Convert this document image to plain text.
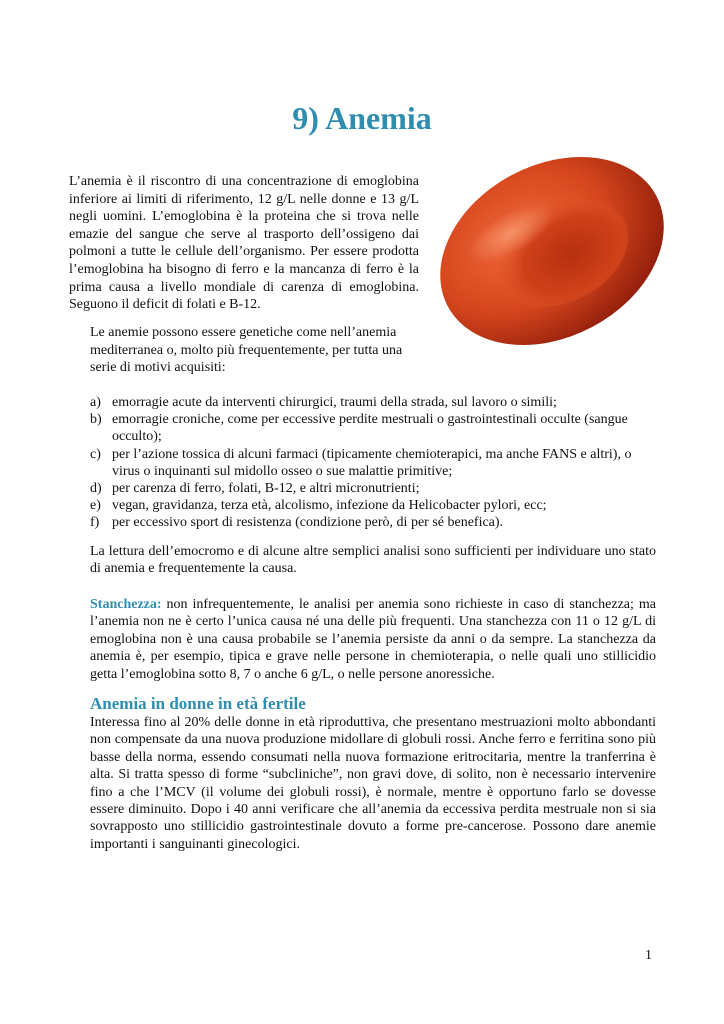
9) Anemia

L’anemia è il riscontro di una concentrazione di emoglobina inferiore ai limiti di riferimento, 12 g/L nelle donne e 13 g/L negli uomini. L’emoglobina è la proteina che si trova nelle emazie del sangue che serve al trasporto dell’ossigeno dai polmoni a tutte le cellule dell’organismo. Per essere prodotta l’emoglobina ha bisogno di ferro e la mancanza di ferro è la prima causa a livello mondiale di carenza di emoglobina. Seguono il deficit di folati e B-12.

Le anemie possono essere genetiche come nell’anemia mediterranea o, molto più frequentemente, per tutta una serie di motivi acquisiti:

a) emorragie acute da interventi chirurgici, traumi della strada, sul lavoro o simili;
b) emorragie croniche, come per eccessive perdite mestruali o gastrointestinali occulte (sangue occulto);
c) per l’azione tossica di alcuni farmaci (tipicamente chemioterapici, ma anche FANS e altri), o virus o inquinanti sul midollo osseo o sue malattie primitive;
d) per carenza di ferro, folati, B-12, e altri micronutrienti;
e) vegan, gravidanza, terza età, alcolismo, infezione da Helicobacter pylori, ecc;
f) per eccessivo sport di resistenza (condizione però, di per sé benefica).

La lettura dell’emocromo e di alcune altre semplici analisi sono sufficienti per individuare uno stato di anemia e frequentemente la causa.

Stanchezza: non infrequentemente, le analisi per anemia sono richieste in caso di stanchezza; ma l’anemia non ne è certo l’unica causa né una delle più frequenti. Una stanchezza con 11 o 12 g/L di emoglobina non è una causa probabile se l’anemia persiste da anni o da sempre. La stanchezza da anemia è, per esempio, tipica e grave nelle persone in chemioterapia, o nelle quali uno stillicidio getta l’emoglobina sotto 8, 7 o anche 6 g/L, o nelle persone anoressiche.

Anemia in donne in età fertile

Interessa fino al 20% delle donne in età riproduttiva, che presentano mestruazioni molto abbondanti non compensate da una nuova produzione midollare di globuli rossi. Anche ferro e ferritina sono più basse della norma, essendo consumati nella nuova formazione eritrocitaria, mentre la tranferrina è alta. Si tratta spesso di forme “subcliniche”, non gravi dove, di solito, non è necessario intervenire fino a che l’MCV (il volume dei globuli rossi), è normale, mentre è opportuno farlo se dovesse essere diminuito. Dopo i 40 anni verificare che all’anemia da eccessiva perdita mestruale non si sia sovrapposto uno stillicidio gastrointestinale dovuto a forme pre-cancerose. Possono dare anemie importanti i sanguinanti ginecologici.

1
